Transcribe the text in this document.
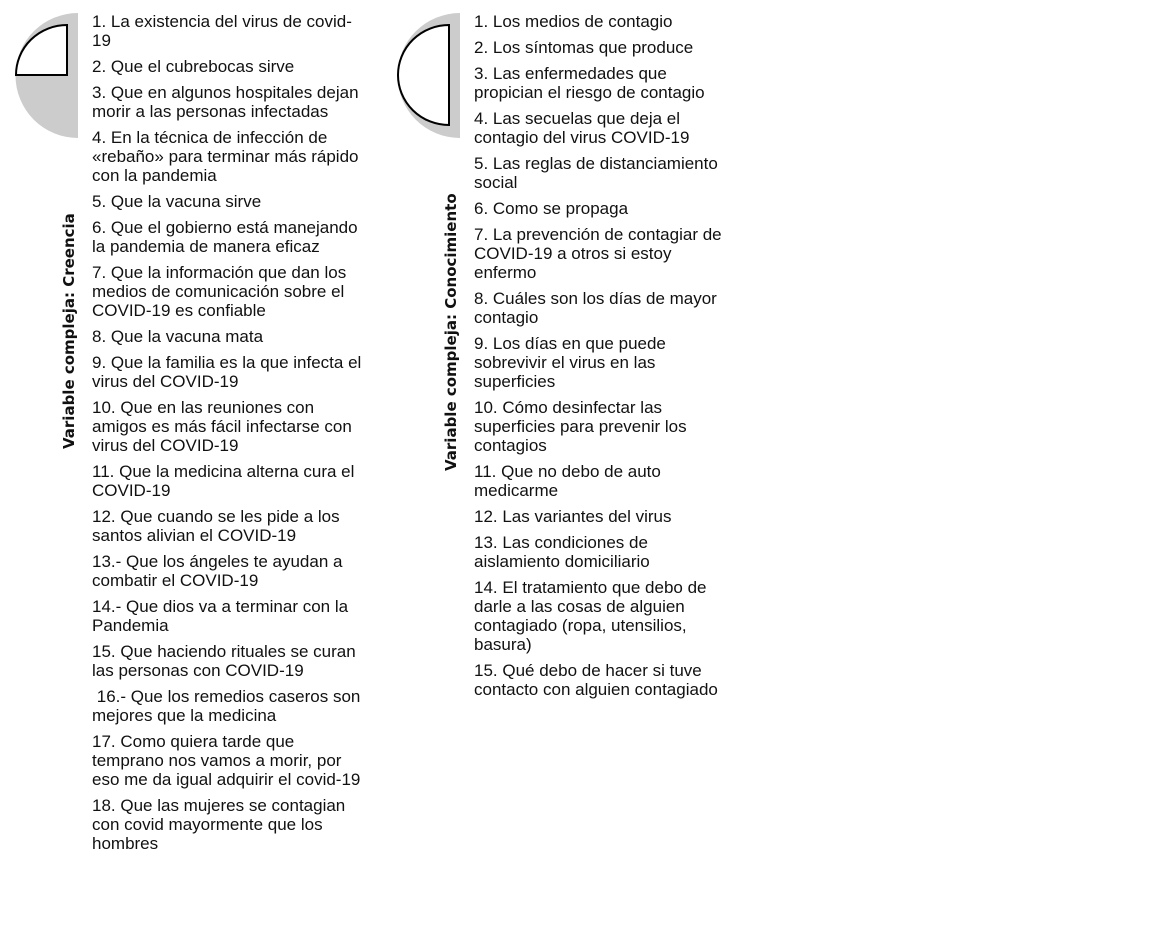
Variable compleja: Creencia
1. La existencia del virus de covid-19
2. Que el cubrebocas sirve
3. Que en algunos hospitales dejan morir a las personas infectadas
4. En la técnica de infección de «rebaño» para terminar más rápido con la pandemia
5. Que la vacuna sirve
6. Que el gobierno está manejando la pandemia de manera eficaz
7. Que la información que dan los medios de comunicación sobre el COVID-19 es confiable
8. Que la vacuna mata
9. Que la familia es la que infecta el virus del COVID-19
10. Que en las reuniones con amigos es más fácil infectarse con virus del COVID-19
11. Que la medicina alterna cura el COVID-19
12. Que cuando se les pide a los santos alivian el COVID-19
13.- Que los ángeles te ayudan a combatir el COVID-19
14.- Que dios va a terminar con la Pandemia
15. Que haciendo rituales se curan las personas con COVID-19
16.- Que los remedios caseros son mejores que la medicina
17. Como quiera tarde que temprano nos vamos a morir, por eso me da igual adquirir el covid-19
18. Que las mujeres se contagian con covid mayormente que los hombres
Variable compleja: Conocimiento
1. Los medios de contagio
2. Los síntomas que produce
3. Las enfermedades que propician el riesgo de contagio
4. Las secuelas que deja el contagio del virus COVID-19
5. Las reglas de distanciamiento social
6. Como se propaga
7. La prevención de contagiar de COVID-19 a otros si estoy enfermo
8. Cuáles son los días de mayor contagio
9. Los días en que puede sobrevivir el virus en las superficies
10. Cómo desinfectar las superficies para prevenir los contagios
11. Que no debo de auto medicarme
12. Las variantes del virus
13. Las condiciones de aislamiento domiciliario
14. El tratamiento que debo de darle a las cosas de alguien contagiado (ropa, utensilios, basura)
15. Qué debo de hacer si tuve contacto con alguien contagiado
